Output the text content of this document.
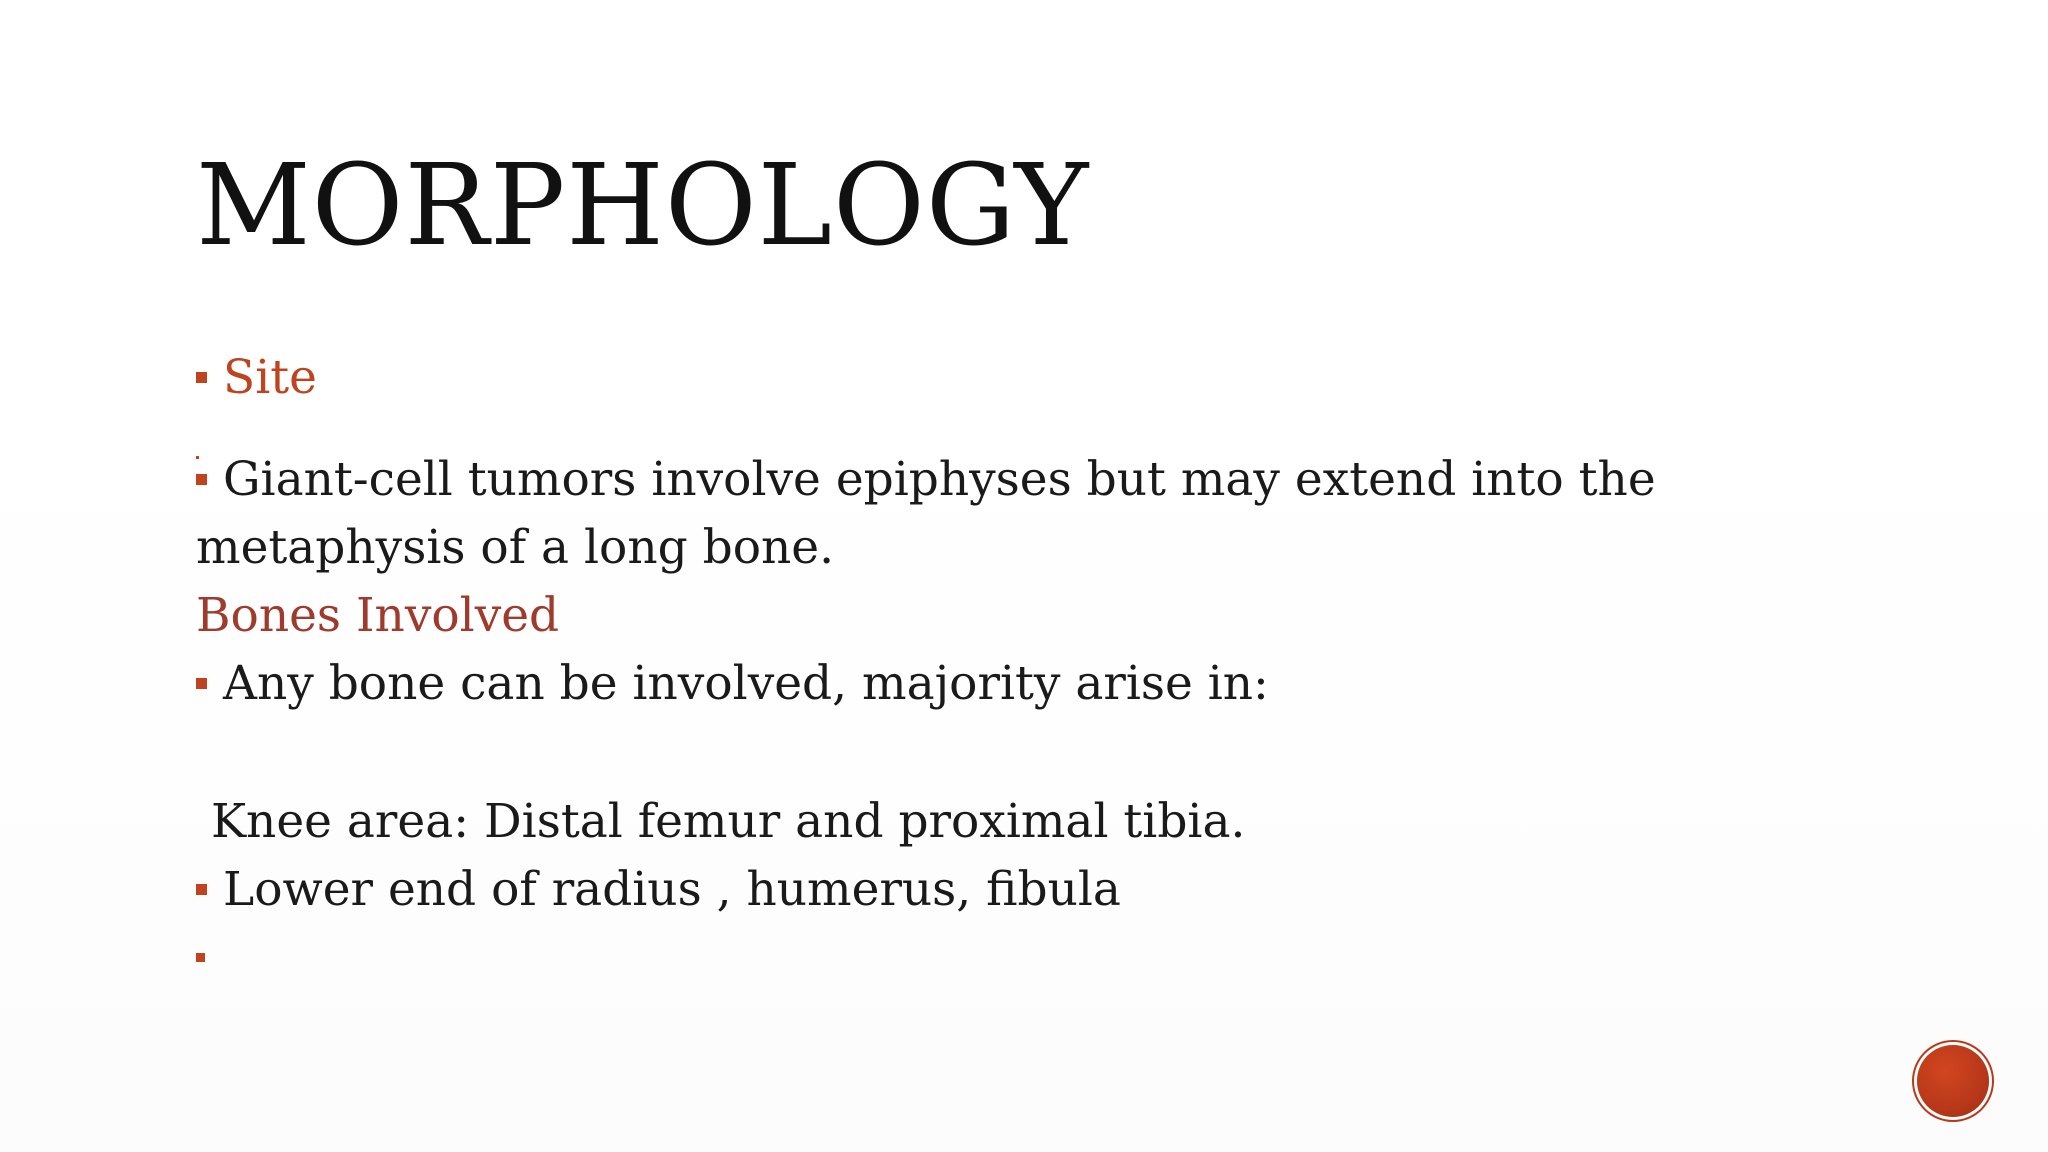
MORPHOLOGY
Site
Giant-cell tumors involve epiphyses but may extend into the
metaphysis of a long bone.
Bones Involved
Any bone can be involved, majority arise in:
Knee area: Distal femur and proximal tibia.
Lower end of radius , humerus, fibula
